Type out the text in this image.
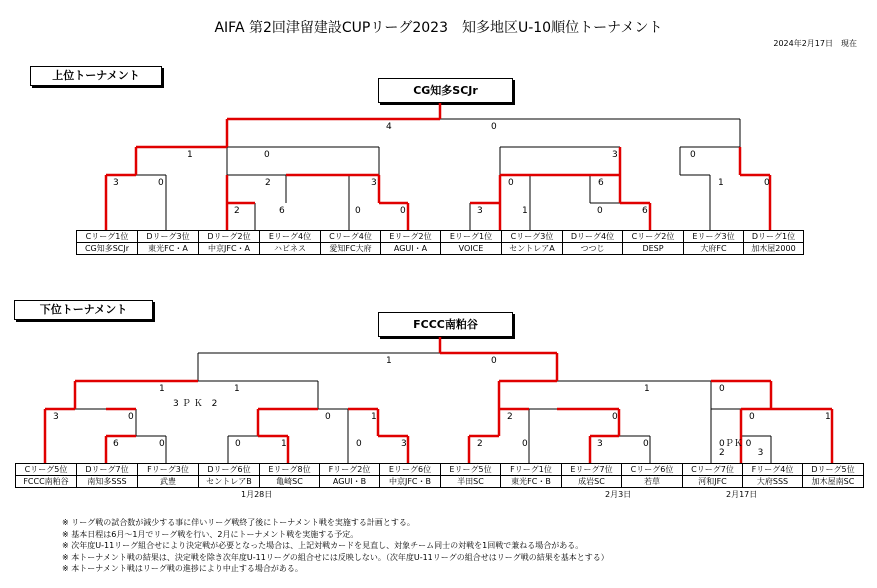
AIFA 第2回津留建設CUPリーグ2023　知多地区U-10順位トーナメント
2024年2月17日　現在
上位トーナメント
CG知多SCJr
下位トーナメント
FCCC南粕谷
Cリーグ1位	Dリーグ3位	Dリーグ2位	Eリーグ4位	Cリーグ4位	Eリーグ2位	Eリーグ1位	Cリーグ3位	Dリーグ4位	Cリーグ2位	Eリーグ3位	Dリーグ1位
CG知多SCJr	東光FC・A	中京JFC・A	ハビネス	愛知FC大府	AGUI・A	VOICE	セントレアA	つつじ	DESP	大府FC	加木屋2000
Cリーグ5位	Dリーグ7位	Fリーグ3位	Dリーグ6位	Eリーグ8位	Fリーグ2位	Eリーグ6位	Eリーグ5位	Fリーグ1位	Eリーグ7位	Cリーグ6位	Cリーグ7位	Fリーグ4位	Dリーグ5位
FCCC南粕谷	南知多SSS	武豊	セントレアB	亀崎SC	AGUI・B	中京JFC・B	半田SC	東光FC・B	成岩SC	若草	河和JFC	大府SSS	加木屋南SC
4	0
1	0	3	0
3	0	2	3	0	6	1	0
2	6	0	0	3	1	0	6
1	0
1	1
3ＰＫ 2
1	0
3	0	0	1	2	0	0	1
6	0	0	1	0	3	2	0	3	0	0ＰＫ 0
2 3
1月28日	2月3日	2月17日
※ リーグ戦の試合数が減少する事に伴いリーグ戦終了後にトーナメント戦を実施する計画とする。
※ 基本日程は6月～1月でリーグ戦を行い、2月にトーナメント戦を実施する予定。
※ 次年度U-11リーグ組合せにより決定戦が必要となった場合は、上記対戦カードを見直し、対象チーム同士の対戦を1回戦で兼ねる場合がある。
※ 本トーナメント戦の結果は、決定戦を除き次年度U-11リーグの組合せには反映しない。（次年度U-11リーグの組合せはリーグ戦の結果を基本とする）
※ 本トーナメント戦はリーグ戦の進捗により中止する場合がある。
